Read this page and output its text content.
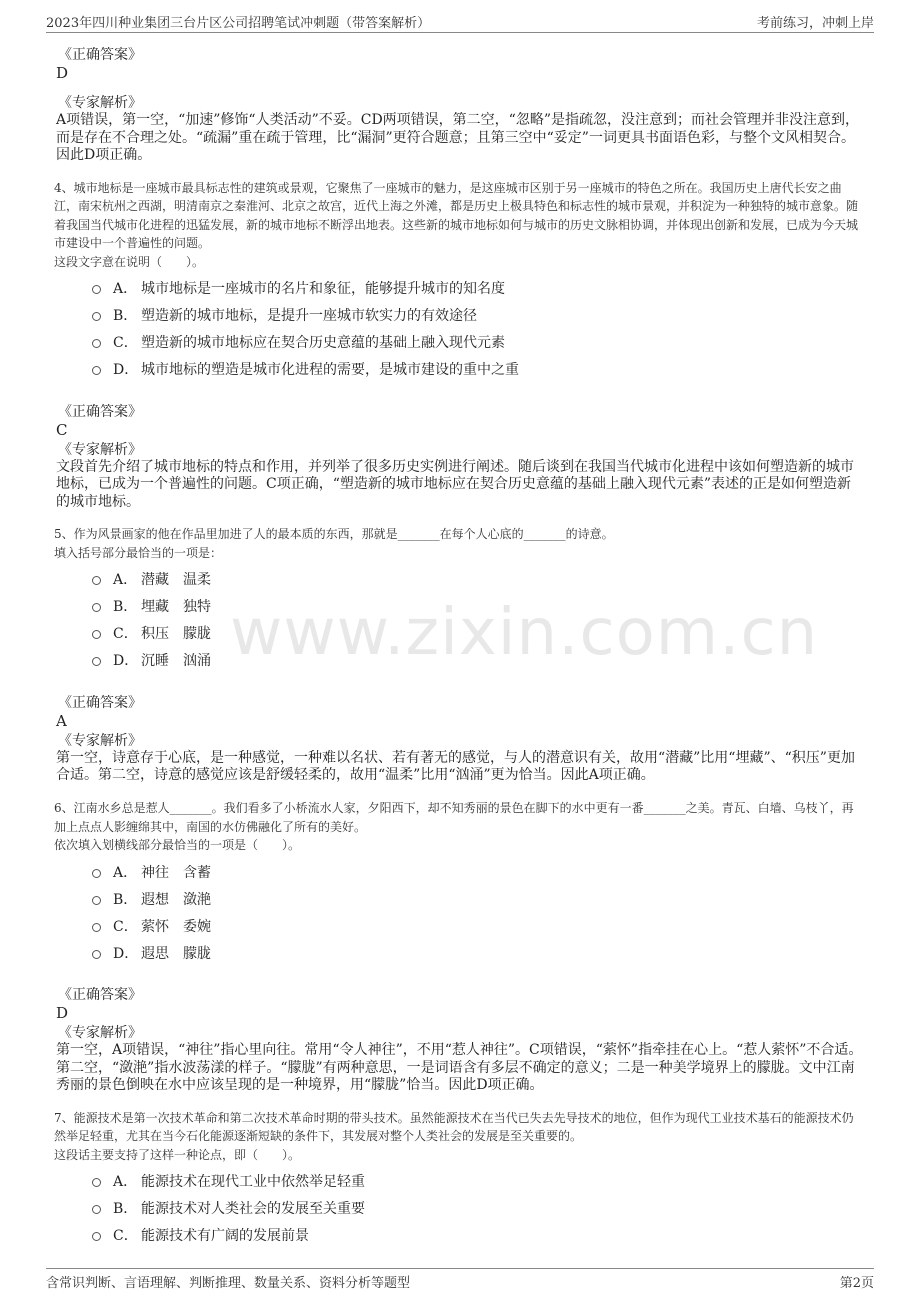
2023年四川种业集团三台片区公司招聘笔试冲刺题（带答案解析）	考前练习，冲刺上岸
www.zixin.com.cn
《正确答案》
D
《专家解析》
A项错误，第一空，“加速”修饰“人类活动”不妥。CD两项错误，第二空，“忽略”是指疏忽，没注意到；而社会管理并非没注意到，而是存在不合理之处。“疏漏”重在疏于管理，比“漏洞”更符合题意；且第三空中“妥定”一词更具书面语色彩，与整个文风相契合。因此D项正确。
4、城市地标是一座城市最具标志性的建筑或景观，它聚焦了一座城市的魅力，是这座城市区别于另一座城市的特色之所在。我国历史上唐代长安之曲江，南宋杭州之西湖，明清南京之秦淮河、北京之故宫，近代上海之外滩，都是历史上极具特色和标志性的城市景观，并积淀为一种独特的城市意象。随着我国当代城市化进程的迅猛发展，新的城市地标不断浮出地表。这些新的城市地标如何与城市的历史文脉相协调，并体现出创新和发展，已成为今天城市建设中一个普遍性的问题。
这段文字意在说明（　　）。
A． 城市地标是一座城市的名片和象征，能够提升城市的知名度
B． 塑造新的城市地标，是提升一座城市软实力的有效途径
C． 塑造新的城市地标应在契合历史意蕴的基础上融入现代元素
D． 城市地标的塑造是城市化进程的需要，是城市建设的重中之重
《正确答案》
C
《专家解析》
文段首先介绍了城市地标的特点和作用，并列举了很多历史实例进行阐述。随后谈到在我国当代城市化进程中该如何塑造新的城市地标，已成为一个普遍性的问题。C项正确，“塑造新的城市地标应在契合历史意蕴的基础上融入现代元素”表述的正是如何塑造新的城市地标。
5、作为风景画家的他在作品里加进了人的最本质的东西，那就是_______在每个人心底的_______的诗意。
填入括号部分最恰当的一项是：
A． 潜藏　温柔
B． 埋藏　独特
C． 积压　朦胧
D． 沉睡　汹涌
《正确答案》
A
《专家解析》
第一空，诗意存于心底，是一种感觉，一种难以名状、若有著无的感觉，与人的潜意识有关，故用“潜藏”比用“埋藏”、“积压”更加合适。第二空，诗意的感觉应该是舒缓轻柔的，故用“温柔”比用“汹涌”更为恰当。因此A项正确。
6、江南水乡总是惹人_______。我们看多了小桥流水人家，夕阳西下，却不知秀丽的景色在脚下的水中更有一番_______之美。青瓦、白墙、乌枝丫，再加上点点人影缠绵其中，南国的水仿佛融化了所有的美好。
依次填入划横线部分最恰当的一项是（　　）。
A． 神往　含蓄
B． 遐想　潋滟
C． 萦怀　委婉
D． 遐思　朦胧
《正确答案》
D
《专家解析》
第一空，A项错误，“神往”指心里向往。常用“令人神往”，不用“惹人神往”。C项错误，“萦怀”指牵挂在心上。“惹人萦怀”不合适。第二空，“潋滟”指水波荡漾的样子。“朦胧”有两种意思，一是词语含有多层不确定的意义；二是一种美学境界上的朦胧。文中江南秀丽的景色倒映在水中应该呈现的是一种境界，用“朦胧”恰当。因此D项正确。
7、能源技术是第一次技术革命和第二次技术革命时期的带头技术。虽然能源技术在当代已失去先导技术的地位，但作为现代工业技术基石的能源技术仍然举足轻重，尤其在当今石化能源逐渐短缺的条件下，其发展对整个人类社会的发展是至关重要的。
这段话主要支持了这样一种论点，即（　　）。
A． 能源技术在现代工业中依然举足轻重
B． 能源技术对人类社会的发展至关重要
C． 能源技术有广阔的发展前景
含常识判断、言语理解、判断推理、数量关系、资料分析等题型	第2页
